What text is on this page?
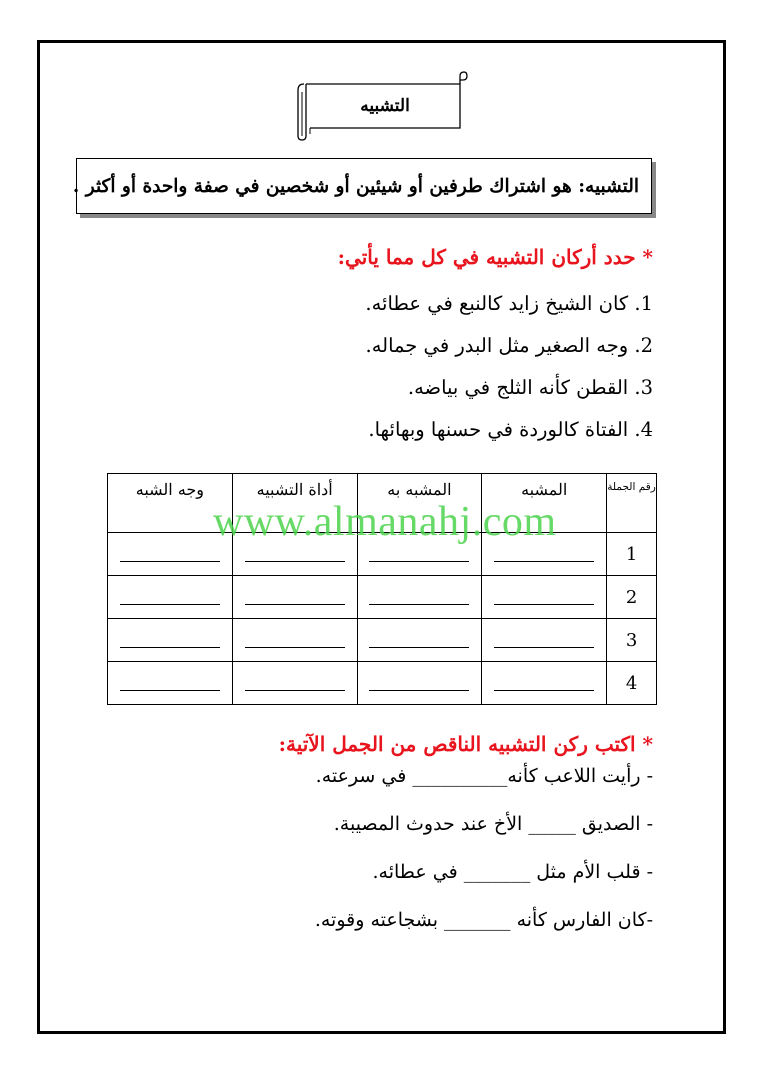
التشبيه
التشبيه: هو اشتراك طرفين أو شيئين أو شخصين في صفة واحدة أو أكثر .
* حدد أركان التشبيه في كل مما يأتي:
1. كان الشيخ زايد كالنبع في عطائه.
2. وجه الصغير مثل البدر في جماله.
3. القطن كأنه الثلج في بياضه.
4. الفتاة كالوردة في حسنها وبهائها.
رقم الجملة	المشبه	المشبه به	أداة التشبيه	وجه الشبه
1				
2				
3				
4				
www.almanahj.com
* اكتب ركن التشبيه الناقص من الجمل الآتية:
- رأيت اللاعب كأنه__________ في سرعته.
- الصديق _____ الأخ عند حدوث المصيبة.
- قلب الأم مثل _______ في عطائه.
-كان الفارس كأنه _______ بشجاعته وقوته.
